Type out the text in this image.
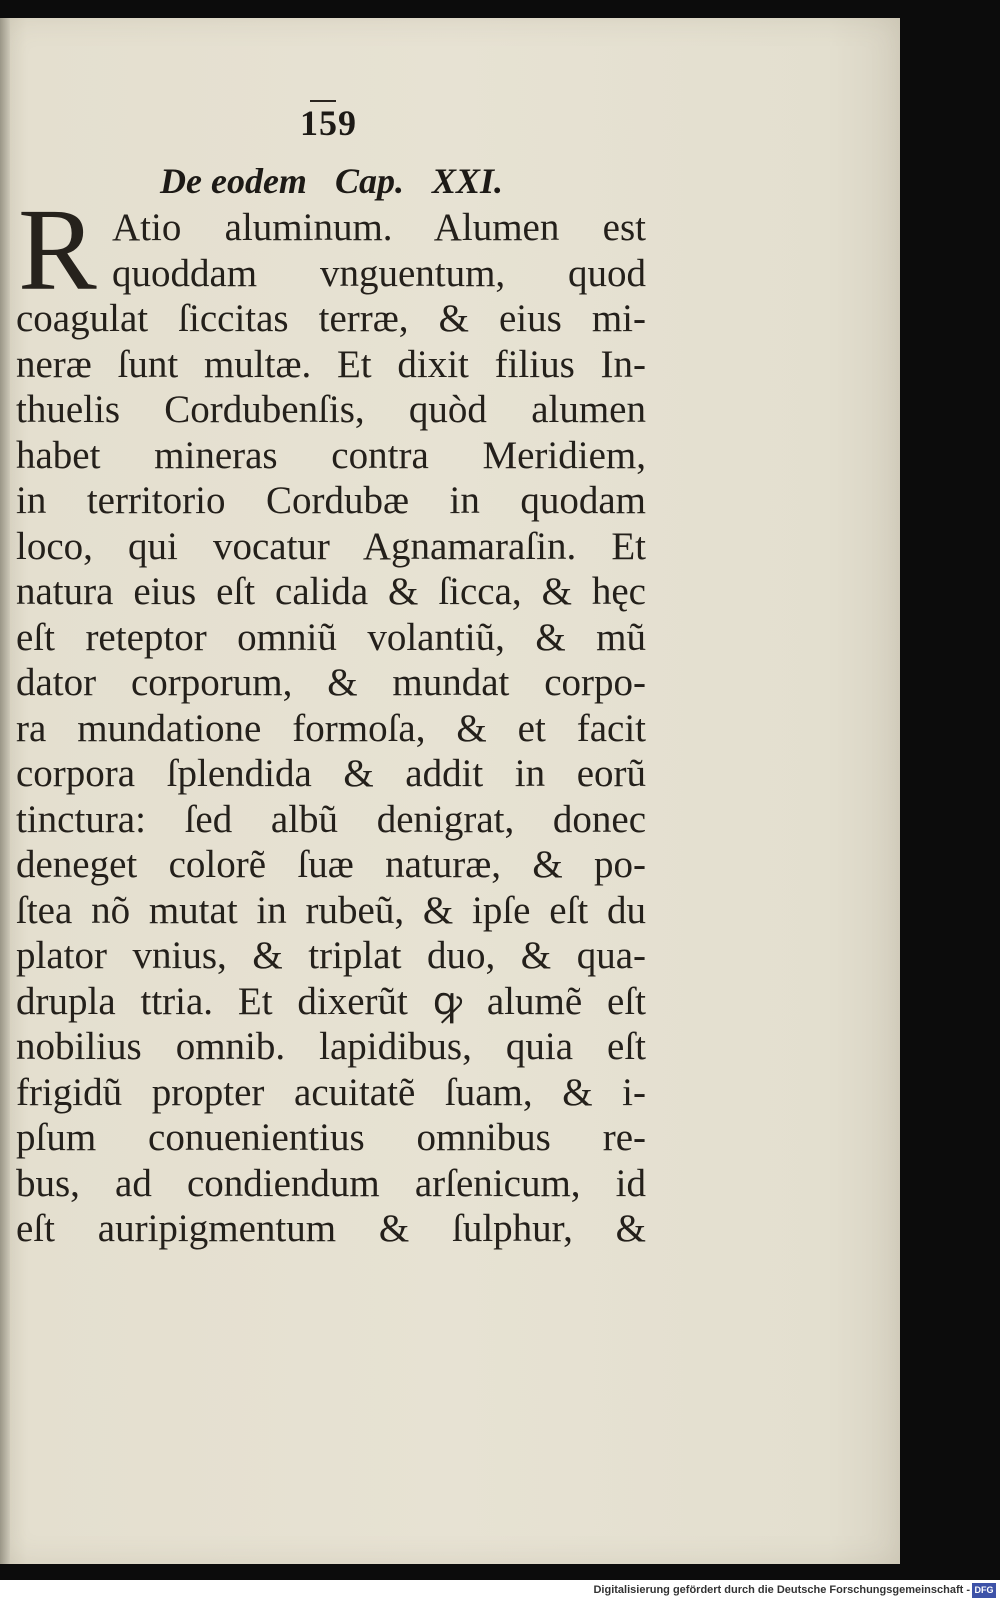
159
De eodem Cap. XXI.
R Atio aluminum. Alumen est
quoddam vnguentum, quod
coagulat ſiccitas terræ, & eius mi-
neræ ſunt multæ. Et dixit filius In-
thuelis Cordubenſis, quòd alumen
habet mineras contra Meridiem,
in territorio Cordubæ in quodam
loco, qui vocatur Agnamaraſin. Et
natura eius eſt calida & ſicca, & hęc
eſt reteptor omniũ volantiũ, & mũ
dator corporum, & mundat corpo-
ra mundatione formoſa, & et facit
corpora ſplendida & addit in eorũ
tinctura: ſed albũ denigrat, donec
deneget colorẽ ſuæ naturæ, & po-
ſtea nõ mutat in rubeũ, & ipſe eſt du
plator vnius, & triplat duo, & qua-
drupla ttria. Et dixerũt ꝙ alumẽ eſt
nobilius omnib. lapidibus, quia eſt
frigidũ propter acuitatẽ ſuam, & i-
pſum conuenientius omnibus re-
bus, ad condiendum arſenicum, id
eſt auripigmentum & ſulphur, &
Digitalisierung gefördert durch die Deutsche Forschungsgemeinschaft - DFG
